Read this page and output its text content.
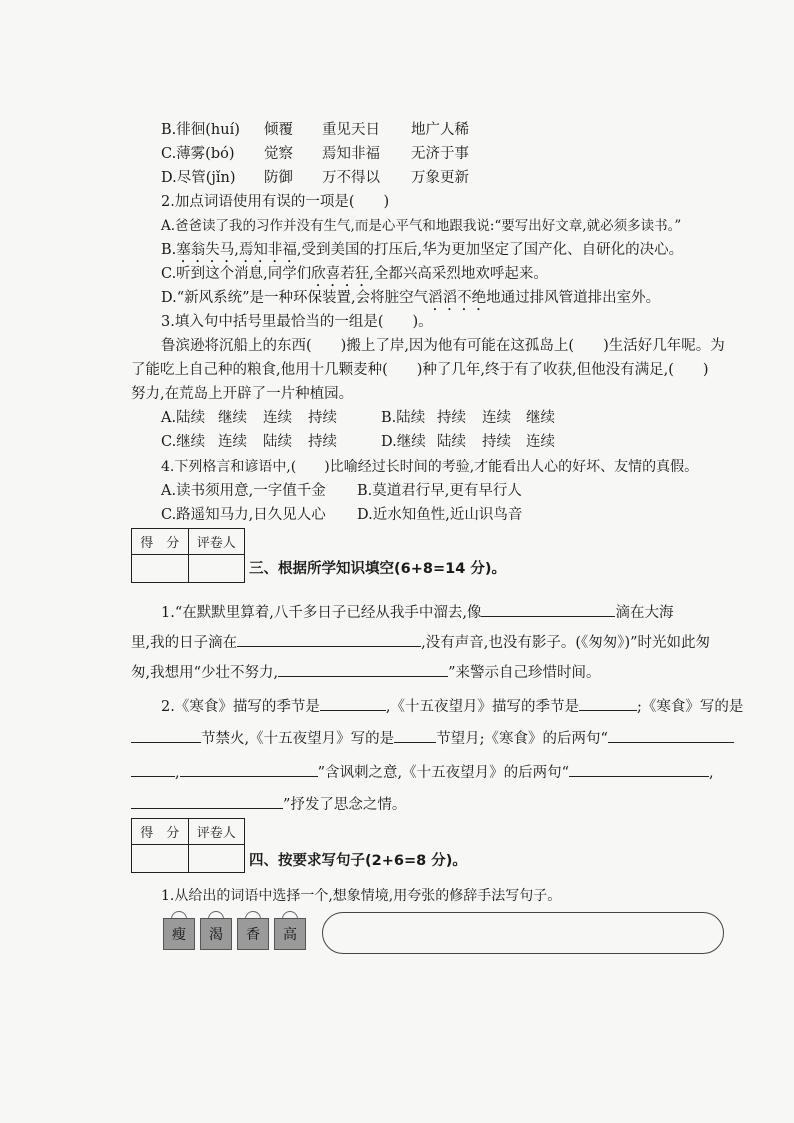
B.徘徊(huí) 倾覆 重见天日 地广人稀
C.薄雾(bó) 觉察 焉知非福 无济于事
D.尽管(jǐn) 防御 万不得以 万象更新
2.加点词语使用有误的一项是(　　)
A.爸爸读了我的习作并没有生气,而是心平气和地跟我说:“要写出好文章,就必须多读书。”
B.塞翁失马,焉知非福,受到美国的打压后,华为更加坚定了国产化、自研化的决心。
C.听到这个消息,同学们欣喜若狂,全都兴高采烈地欢呼起来。
D.“新风系统”是一种环保装置,会将脏空气滔滔不绝地通过排风管道排出室外。
3.填入句中括号里最恰当的一组是(　　)。
鲁滨逊将沉船上的东西(　　)搬上了岸,因为他有可能在这孤岛上(　　)生活好几年呢。为
了能吃上自己种的粮食,他用十几颗麦种(　　)种了几年,终于有了收获,但他没有满足,(　　)
努力,在荒岛上开辟了一片种植园。
A.陆续 继续 连续 持续	B.陆续 持续 连续 继续
C.继续 连续 陆续 持续	D.继续 陆续 持续 连续
4.下列格言和谚语中,(　　)比喻经过长时间的考验,才能看出人心的好坏、友情的真假。
A.读书须用意,一字值千金 B.莫道君行早,更有早行人
C.路遥知马力,日久见人心 D.近水知鱼性,近山识鸟音
得　分	评卷人

三、根据所学知识填空(6+8=14 分)。
1.“在默默里算着,八千多日子已经从我手中溜去,像	滴在大海
里,我的日子滴在	,没有声音,也没有影子。(《匆匆》)”时光如此匆
匆,我想用“少壮不努力,	”来警示自己珍惜时间。
2.《寒食》描写的季节是	,《十五夜望月》描写的季节是	;《寒食》写的是
节禁火,《十五夜望月》写的是	节望月;《寒食》的后两句“
,	”含讽刺之意,《十五夜望月》的后两句“	,
”抒发了思念之情。
得　分	评卷人

四、按要求写句子(2+6=8 分)。
1.从给出的词语中选择一个,想象情境,用夸张的修辞手法写句子。
瘦	渴	香	高
